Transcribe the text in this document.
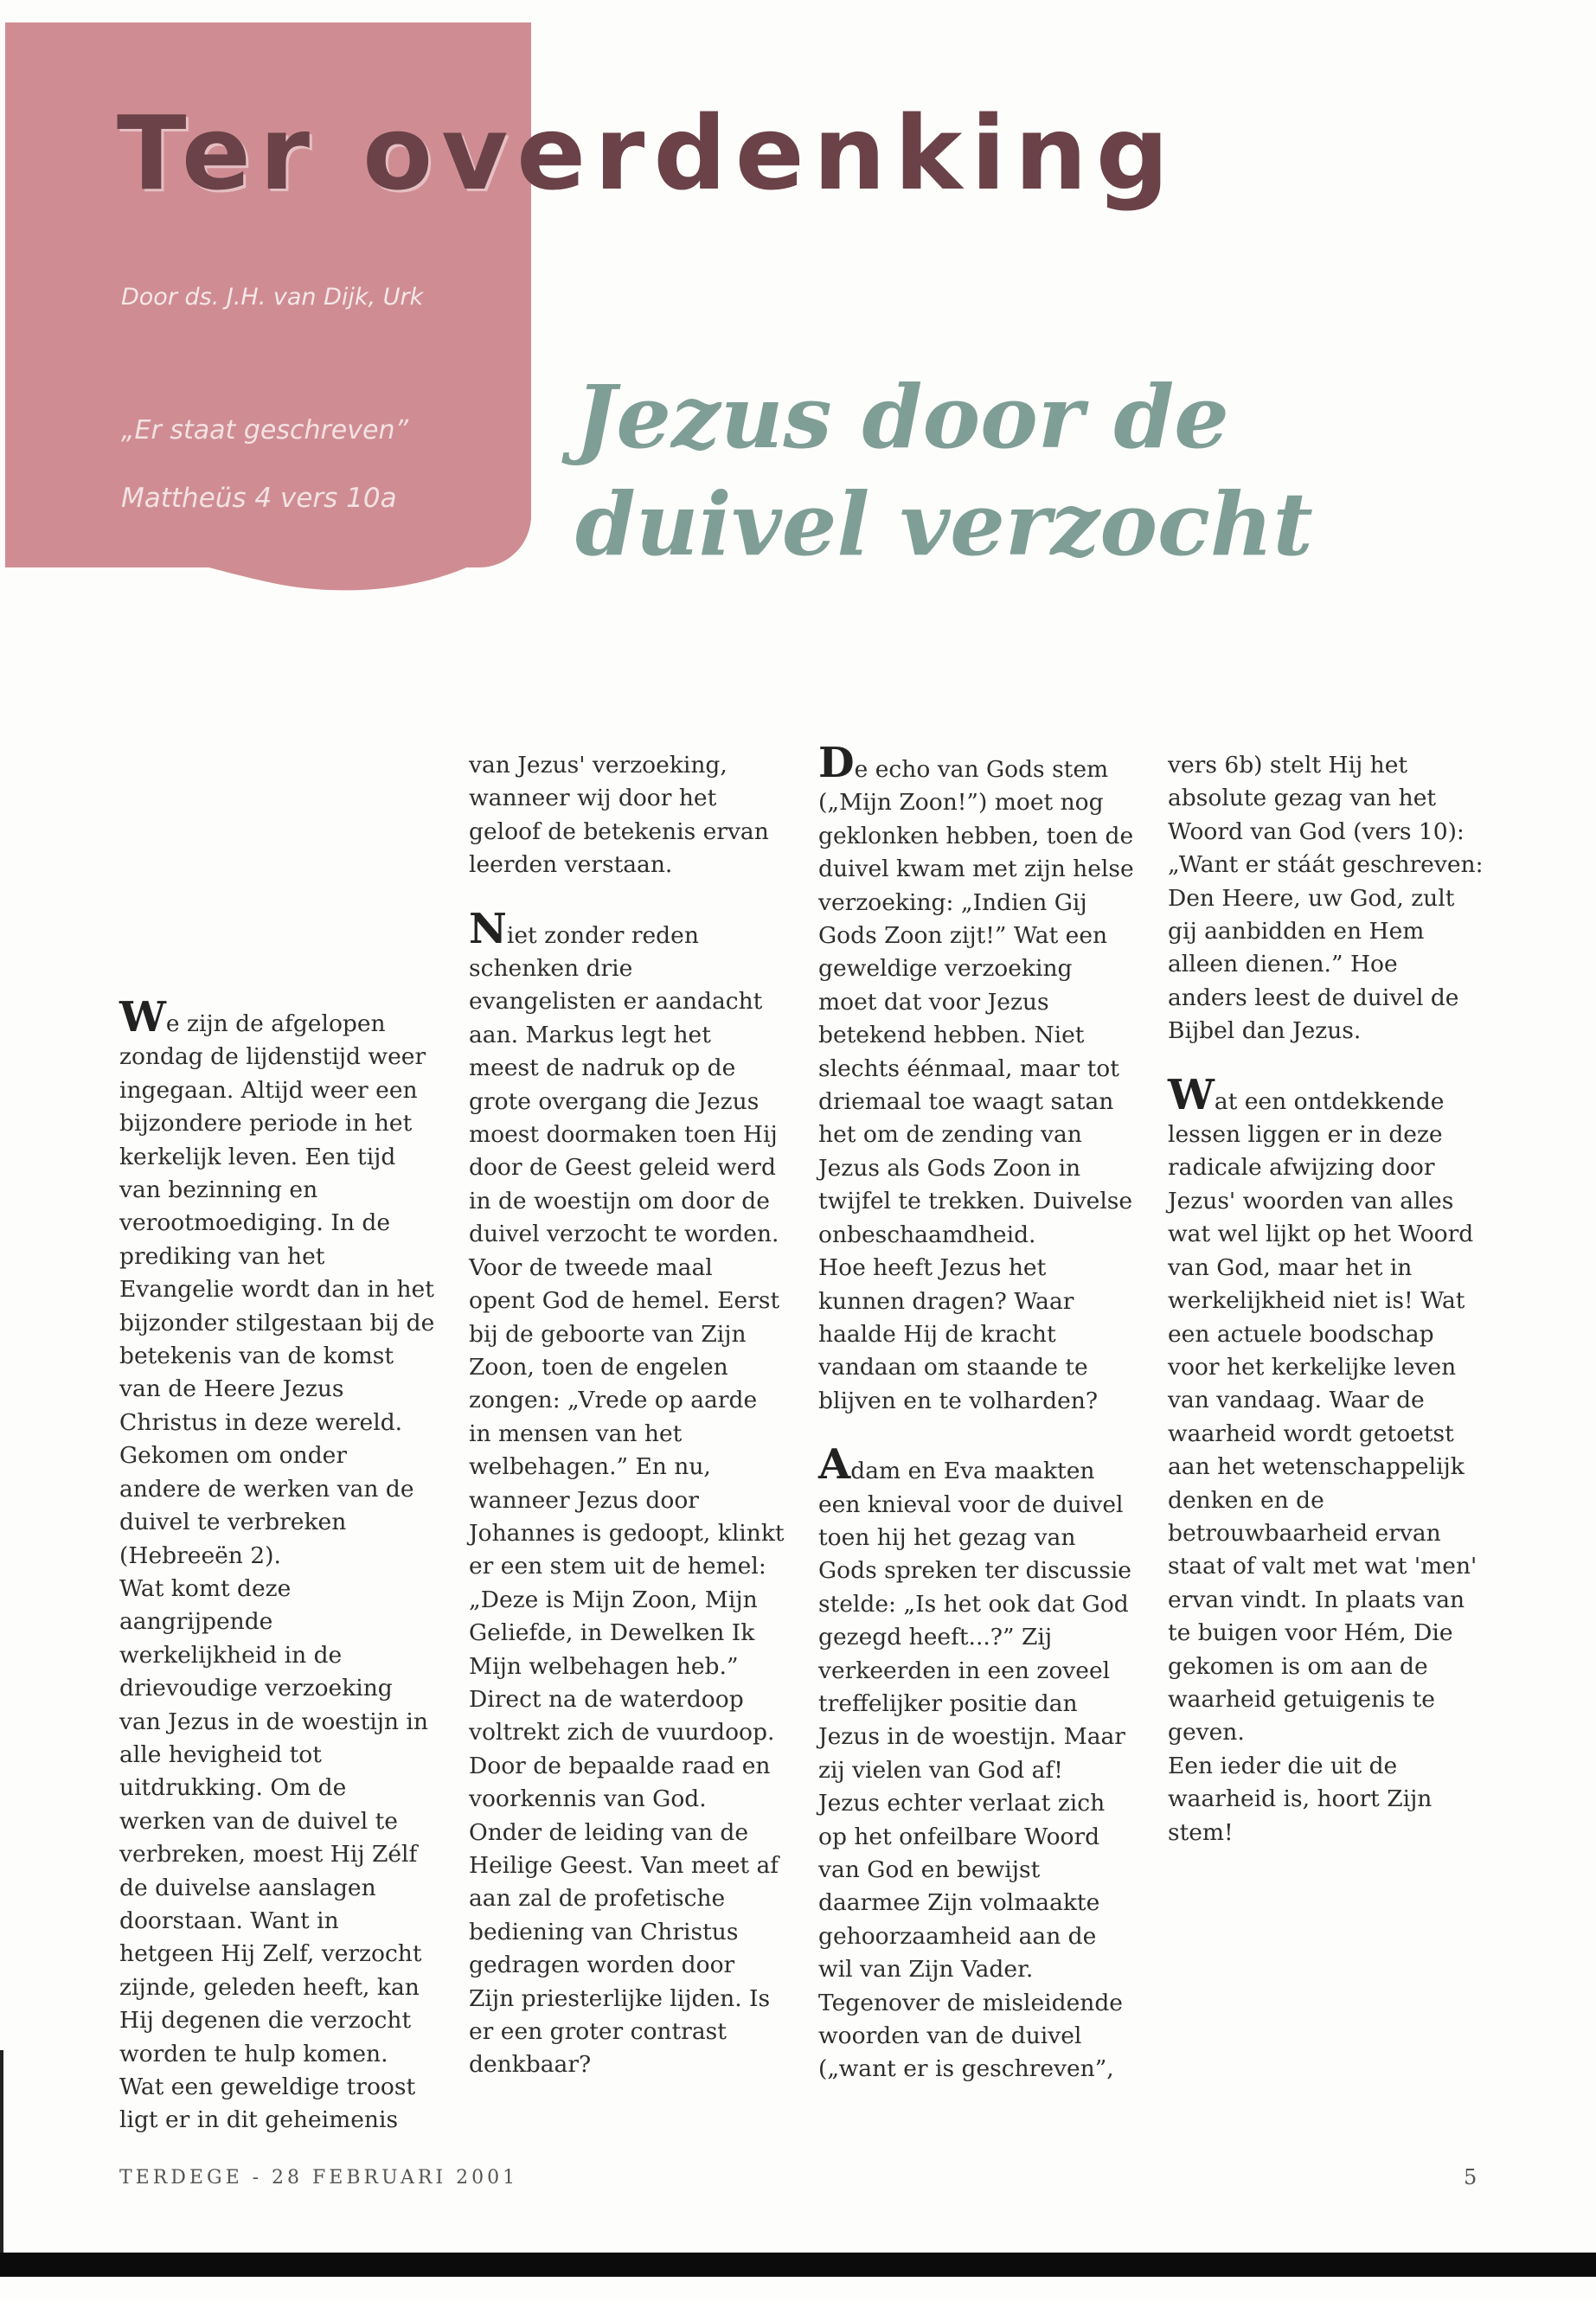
Ter overdenking

Door ds. J.H. van Dijk, Urk

„Er staat geschreven”

Mattheüs 4 vers 10a

Jezus door de
duivel verzocht

We zijn de afgelopen zondag de lijdenstijd weer ingegaan. Altijd weer een bijzondere periode in het kerkelijk leven. Een tijd van bezinning en verootmoediging. In de prediking van het Evangelie wordt dan in het bijzonder stilgestaan bij de betekenis van de komst van de Heere Jezus Christus in deze wereld. Gekomen om onder andere de werken van de duivel te verbreken (Hebreeën 2).

Wat komt deze aangrijpende werkelijkheid in de drievoudige verzoeking van Jezus in de woestijn in alle hevigheid tot uitdrukking. Om de werken van de duivel te verbreken, moest Hij Zélf de duivelse aanslagen doorstaan. Want in hetgeen Hij Zelf, verzocht zijnde, geleden heeft, kan Hij degenen die verzocht worden te hulp komen. Wat een geweldige troost ligt er in dit geheimenis

van Jezus' verzoeking, wanneer wij door het geloof de betekenis ervan leerden verstaan.

Niet zonder reden schenken drie evangelisten er aandacht aan. Markus legt het meest de nadruk op de grote overgang die Jezus moest doormaken toen Hij door de Geest geleid werd in de woestijn om door de duivel verzocht te worden.

Voor de tweede maal opent God de hemel. Eerst bij de geboorte van Zijn Zoon, toen de engelen zongen: „Vrede op aarde in mensen van het welbehagen.” En nu, wanneer Jezus door Johannes is gedoopt, klinkt er een stem uit de hemel: „Deze is Mijn Zoon, Mijn Geliefde, in Dewelken Ik Mijn welbehagen heb.” Direct na de waterdoop voltrekt zich de vuurdoop. Door de bepaalde raad en voorkennis van God. Onder de leiding van de Heilige Geest. Van meet af aan zal de profetische bediening van Christus gedragen worden door Zijn priesterlijke lijden. Is er een groter contrast denkbaar?

De echo van Gods stem („Mijn Zoon!”) moet nog geklonken hebben, toen de duivel kwam met zijn helse verzoeking: „Indien Gij Gods Zoon zijt!” Wat een geweldige verzoeking moet dat voor Jezus betekend hebben. Niet slechts éénmaal, maar tot driemaal toe waagt satan het om de zending van Jezus als Gods Zoon in twijfel te trekken. Duivelse onbeschaamdheid.

Hoe heeft Jezus het kunnen dragen? Waar haalde Hij de kracht vandaan om staande te blijven en te volharden?

Adam en Eva maakten een knieval voor de duivel toen hij het gezag van Gods spreken ter discussie stelde: „Is het ook dat God gezegd heeft...?” Zij verkeerden in een zoveel treffelijker positie dan Jezus in de woestijn. Maar zij vielen van God af!

Jezus echter verlaat zich op het onfeilbare Woord van God en bewijst daarmee Zijn volmaakte gehoorzaamheid aan de wil van Zijn Vader. Tegenover de misleidende woorden van de duivel („want er is geschreven”,

vers 6b) stelt Hij het absolute gezag van het Woord van God (vers 10): „Want er stáát geschreven: Den Heere, uw God, zult gij aanbidden en Hem alleen dienen.” Hoe anders leest de duivel de Bijbel dan Jezus.

Wat een ontdekkende lessen liggen er in deze radicale afwijzing door Jezus' woorden van alles wat wel lijkt op het Woord van God, maar het in werkelijkheid niet is! Wat een actuele boodschap voor het kerkelijke leven van vandaag. Waar de waarheid wordt getoetst aan het wetenschappelijk denken en de betrouwbaarheid ervan staat of valt met wat 'men' ervan vindt. In plaats van te buigen voor Hém, Die gekomen is om aan de waarheid getuigenis te geven.

Een ieder die uit de waarheid is, hoort Zijn stem!

TERDEGE - 28 FEBRUARI 2001	5
